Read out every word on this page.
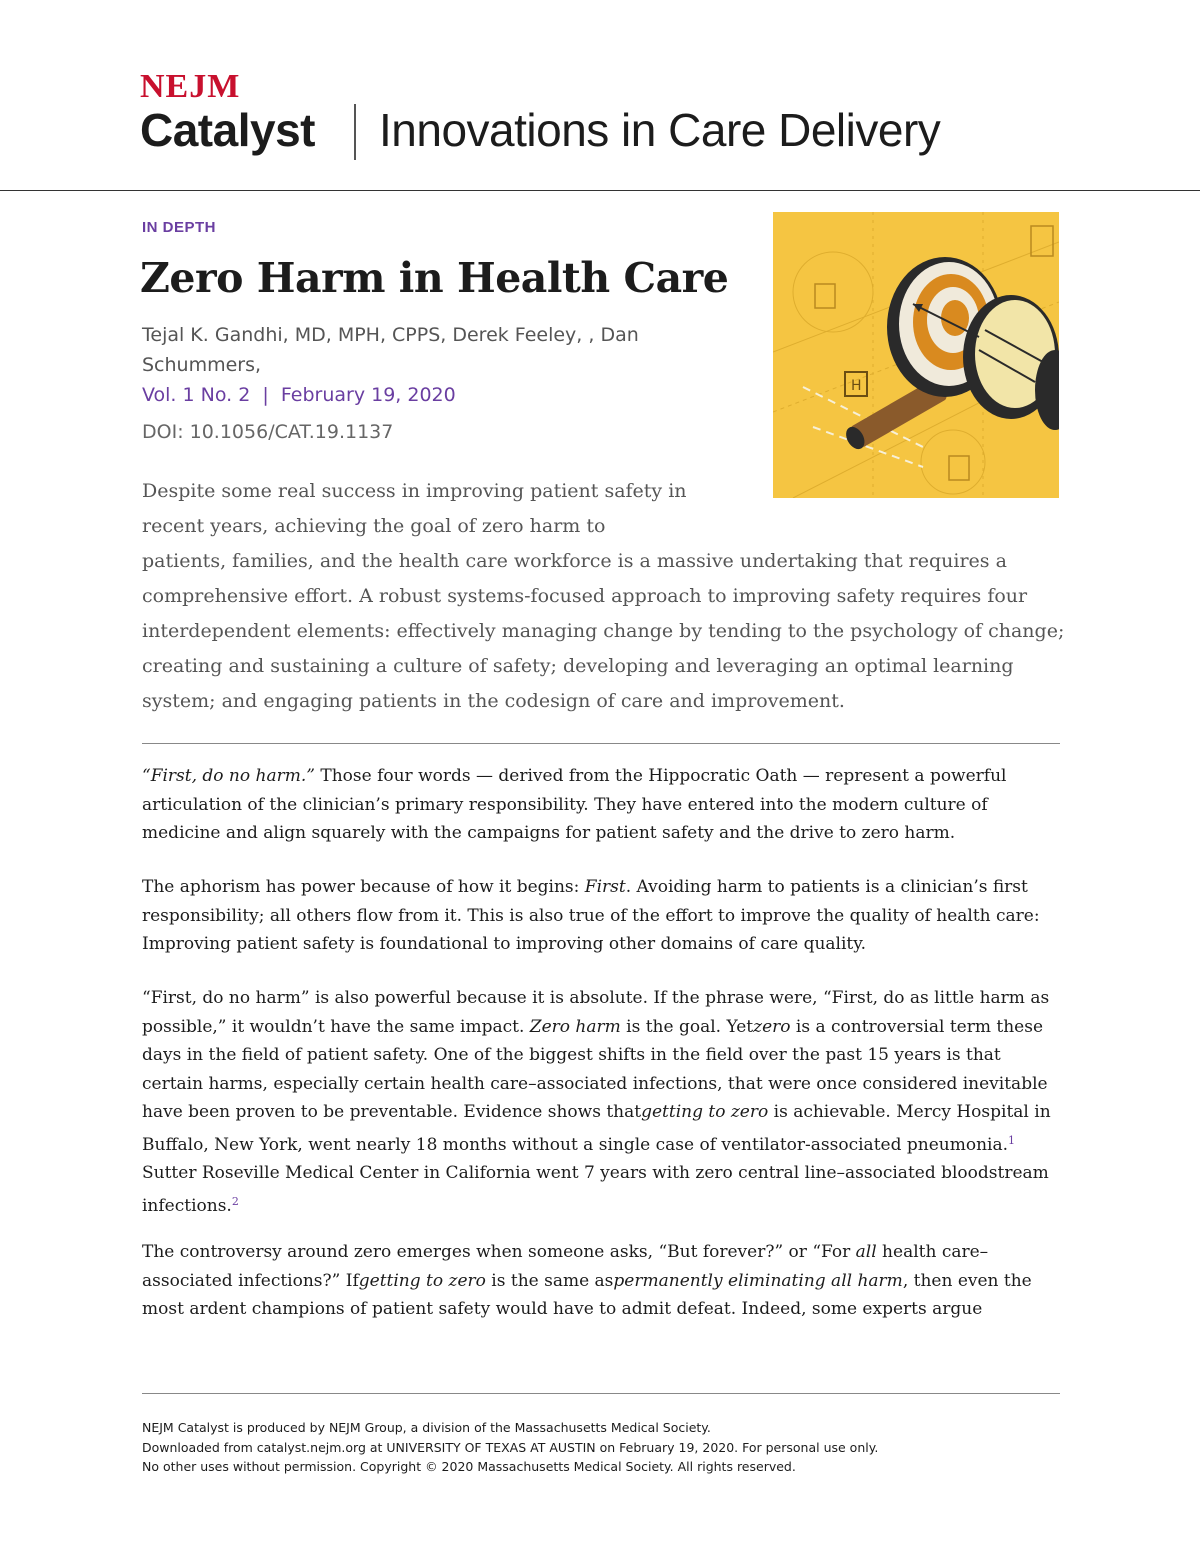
NEJM
Catalyst Innovations in Care Delivery
IN DEPTH
Zero Harm in Health Care
Tejal K. Gandhi, MD, MPH, CPPS, Derek Feeley, , Dan Schummers,
Vol. 1 No. 2  |  February 19, 2020
DOI: 10.1056/CAT.19.1137
H
Despite some real success in improving patient safety in recent years, achieving the goal of zero harm to
patients, families, and the health care workforce is a massive undertaking that requires a comprehensive effort. A robust systems-focused approach to improving safety requires four interdependent elements: effectively managing change by tending to the psychology of change; creating and sustaining a culture of safety; developing and leveraging an optimal learning system; and engaging patients in the codesign of care and improvement.

“First, do no harm.” Those four words — derived from the Hippocratic Oath — represent a powerful articulation of the clinician’s primary responsibility. They have entered into the modern culture of medicine and align squarely with the campaigns for patient safety and the drive to zero harm.

The aphorism has power because of how it begins: First. Avoiding harm to patients is a clinician’s first responsibility; all others flow from it. This is also true of the effort to improve the quality of health care: Improving patient safety is foundational to improving other domains of care quality.

“First, do no harm” is also powerful because it is absolute. If the phrase were, “First, do as little harm as possible,” it wouldn’t have the same impact. Zero harm is the goal. Yetzero is a controversial term these days in the field of patient safety. One of the biggest shifts in the field over the past 15 years is that certain harms, especially certain health care–associated infections, that were once considered inevitable have been proven to be preventable. Evidence shows thatgetting to zero is achievable. Mercy Hospital in Buffalo, New York, went nearly 18 months without a single case of ventilator-associated pneumonia.$^1$ Sutter Roseville Medical Center in California went 7 years with zero central line–associated bloodstream infections.$^2$

The controversy around zero emerges when someone asks, “But forever?” or “For all health care–associated infections?” Ifgetting to zero is the same aspermanently eliminating all harm, then even the most ardent champions of patient safety would have to admit defeat. Indeed, some experts argue

NEJM Catalyst is produced by NEJM Group, a division of the Massachusetts Medical Society.
Downloaded from catalyst.nejm.org at UNIVERSITY OF TEXAS AT AUSTIN on February 19, 2020. For personal use only.
No other uses without permission. Copyright © 2020 Massachusetts Medical Society. All rights reserved.
